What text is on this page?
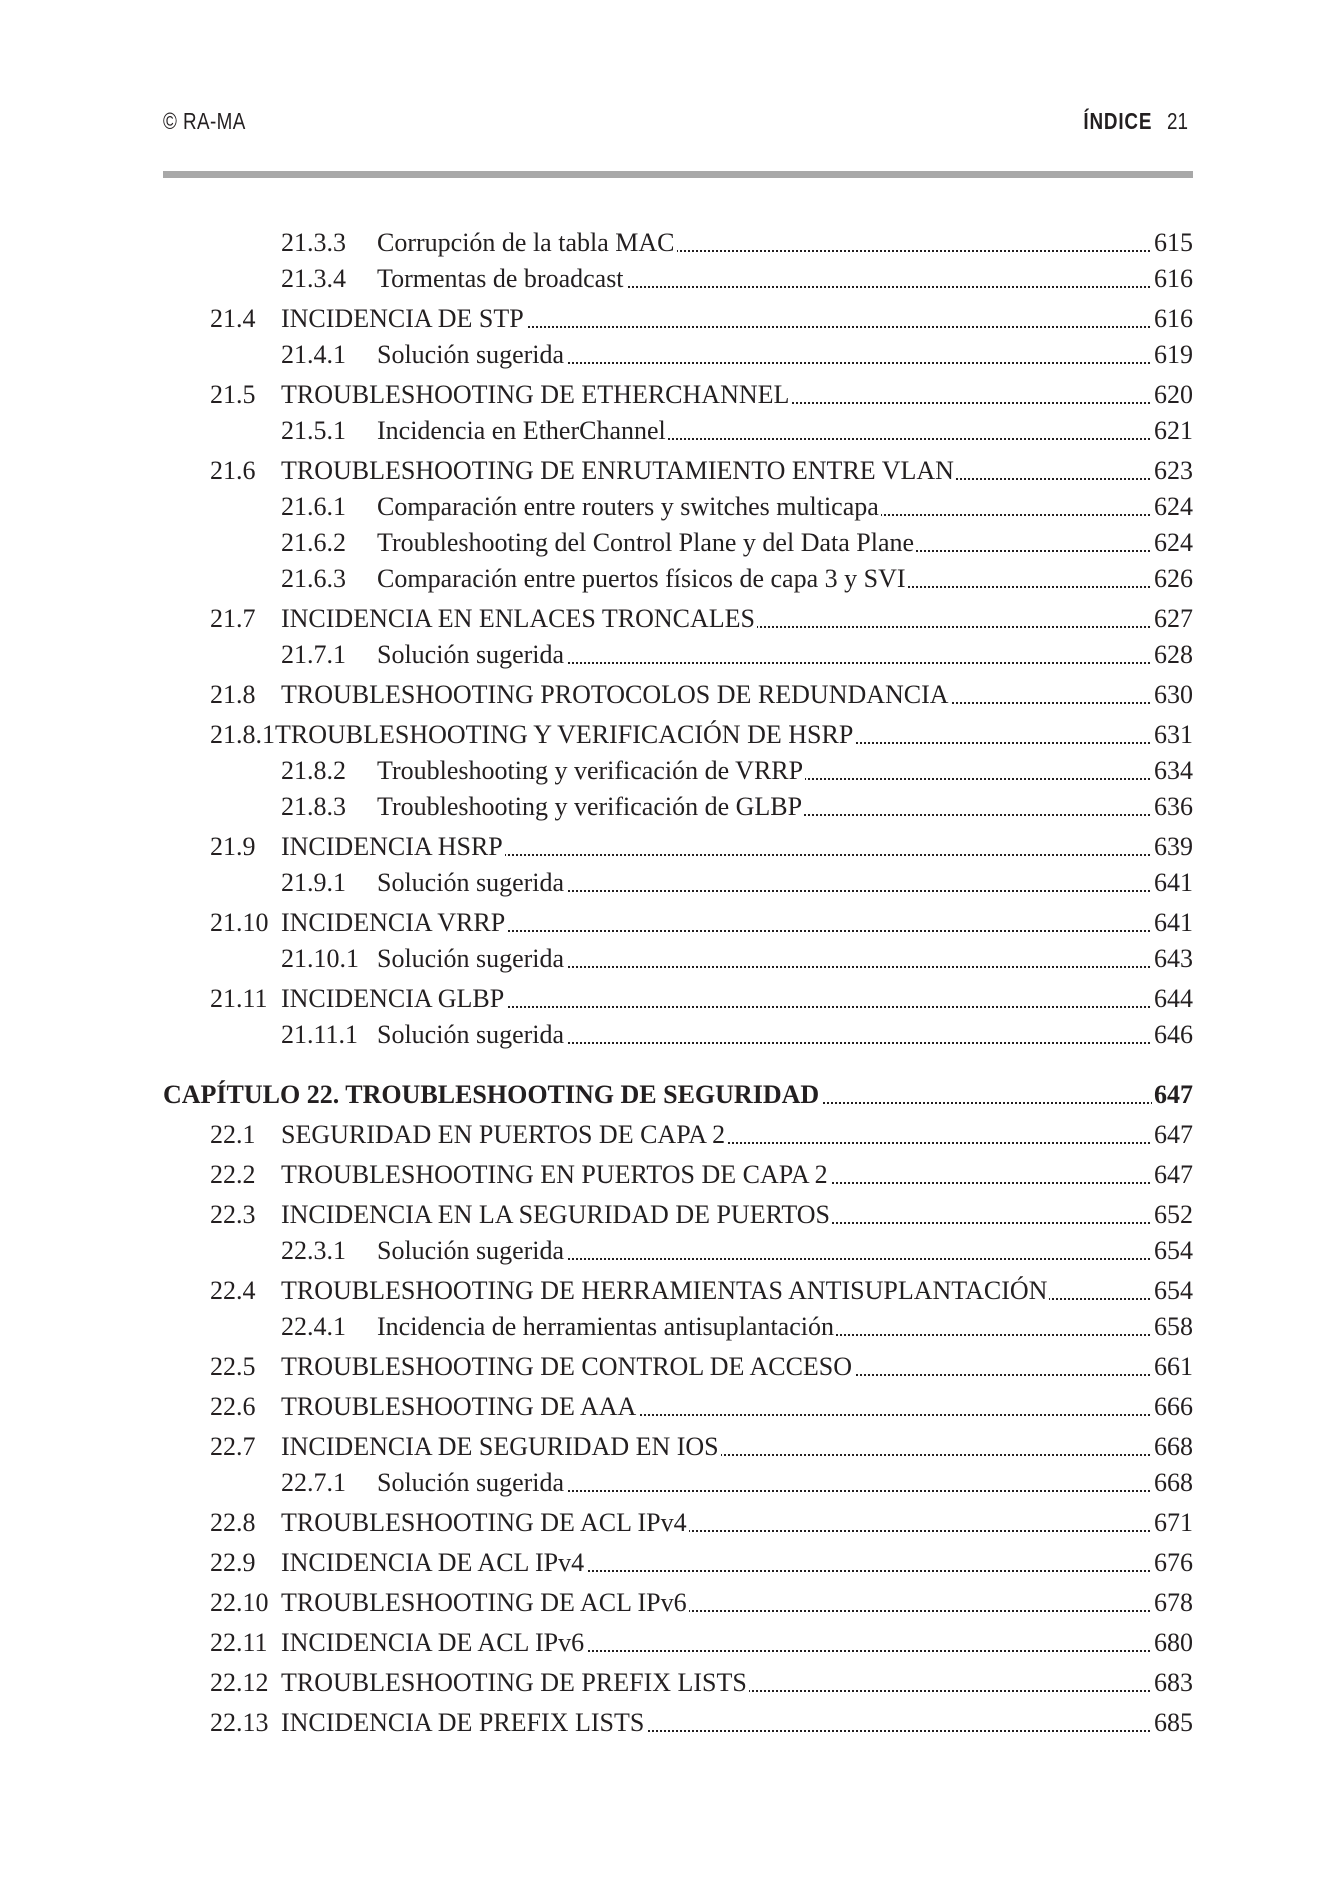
© RA-MA	ÍNDICE 21
21.3.3 Corrupción de la tabla MAC	615
21.3.4 Tormentas de broadcast	616
21.4 INCIDENCIA DE STP	616
21.4.1 Solución sugerida	619
21.5 TROUBLESHOOTING DE ETHERCHANNEL	620
21.5.1 Incidencia en EtherChannel	621
21.6 TROUBLESHOOTING DE ENRUTAMIENTO ENTRE VLAN	623
21.6.1 Comparación entre routers y switches multicapa	624
21.6.2 Troubleshooting del Control Plane y del Data Plane	624
21.6.3 Comparación entre puertos físicos de capa 3 y SVI	626
21.7 INCIDENCIA EN ENLACES TRONCALES	627
21.7.1 Solución sugerida	628
21.8 TROUBLESHOOTING PROTOCOLOS DE REDUNDANCIA	630
21.8.1 TROUBLESHOOTING Y VERIFICACIÓN DE HSRP	631
21.8.2 Troubleshooting y verificación de VRRP	634
21.8.3 Troubleshooting y verificación de GLBP	636
21.9 INCIDENCIA HSRP	639
21.9.1 Solución sugerida	641
21.10 INCIDENCIA VRRP	641
21.10.1 Solución sugerida	643
21.11 INCIDENCIA GLBP	644
21.11.1 Solución sugerida	646
CAPÍTULO 22. TROUBLESHOOTING DE SEGURIDAD	647
22.1 SEGURIDAD EN PUERTOS DE CAPA 2	647
22.2 TROUBLESHOOTING EN PUERTOS DE CAPA 2	647
22.3 INCIDENCIA EN LA SEGURIDAD DE PUERTOS	652
22.3.1 Solución sugerida	654
22.4 TROUBLESHOOTING DE HERRAMIENTAS ANTISUPLANTACIÓN	654
22.4.1 Incidencia de herramientas antisuplantación	658
22.5 TROUBLESHOOTING DE CONTROL DE ACCESO	661
22.6 TROUBLESHOOTING DE AAA	666
22.7 INCIDENCIA DE SEGURIDAD EN IOS	668
22.7.1 Solución sugerida	668
22.8 TROUBLESHOOTING DE ACL IPv4	671
22.9 INCIDENCIA DE ACL IPv4	676
22.10 TROUBLESHOOTING DE ACL IPv6	678
22.11 INCIDENCIA DE ACL IPv6	680
22.12 TROUBLESHOOTING DE PREFIX LISTS	683
22.13 INCIDENCIA DE PREFIX LISTS	685
